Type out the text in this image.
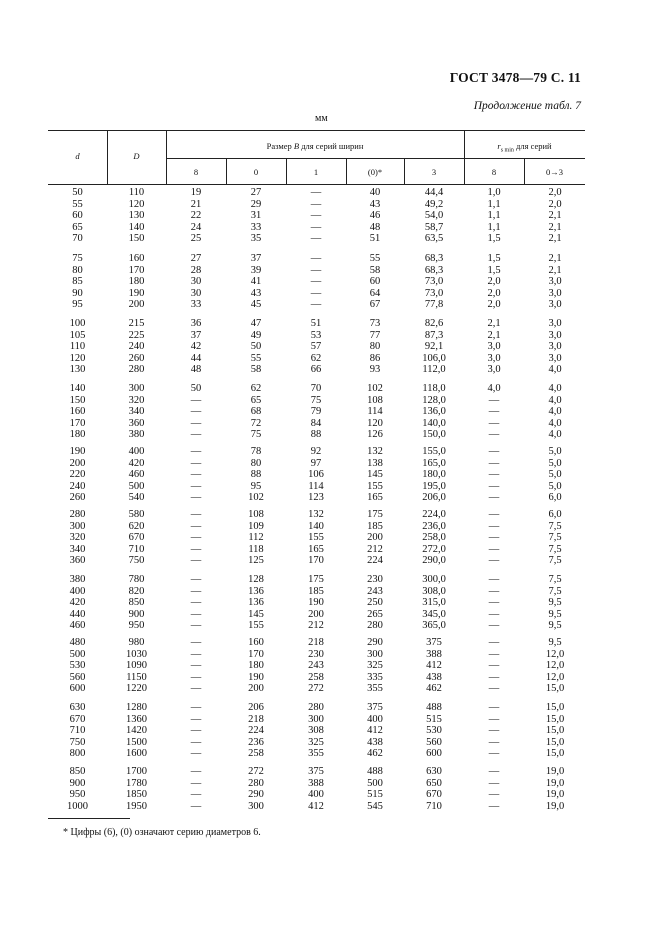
ГОСТ 3478—79 С. 11
Продолжение табл. 7
мм
d	D
Размер B для серий ширин	$r_{s min}$ для серий
8	0	1	(0)*	3	8	0→3
50	110	19	27	—	40	44,4	1,0	2,0
55	120	21	29	—	43	49,2	1,1	2,0
60	130	22	31	—	46	54,0	1,1	2,1
65	140	24	33	—	48	58,7	1,1	2,1
70	150	25	35	—	51	63,5	1,5	2,1
75	160	27	37	—	55	68,3	1,5	2,1
80	170	28	39	—	58	68,3	1,5	2,1
85	180	30	41	—	60	73,0	2,0	3,0
90	190	30	43	—	64	73,0	2,0	3,0
95	200	33	45	—	67	77,8	2,0	3,0
100	215	36	47	51	73	82,6	2,1	3,0
105	225	37	49	53	77	87,3	2,1	3,0
110	240	42	50	57	80	92,1	3,0	3,0
120	260	44	55	62	86	106,0	3,0	3,0
130	280	48	58	66	93	112,0	3,0	4,0
140	300	50	62	70	102	118,0	4,0	4,0
150	320	—	65	75	108	128,0	—	4,0
160	340	—	68	79	114	136,0	—	4,0
170	360	—	72	84	120	140,0	—	4,0
180	380	—	75	88	126	150,0	—	4,0
190	400	—	78	92	132	155,0	—	5,0
200	420	—	80	97	138	165,0	—	5,0
220	460	—	88	106	145	180,0	—	5,0
240	500	—	95	114	155	195,0	—	5,0
260	540	—	102	123	165	206,0	—	6,0
280	580	—	108	132	175	224,0	—	6,0
300	620	—	109	140	185	236,0	—	7,5
320	670	—	112	155	200	258,0	—	7,5
340	710	—	118	165	212	272,0	—	7,5
360	750	—	125	170	224	290,0	—	7,5
380	780	—	128	175	230	300,0	—	7,5
400	820	—	136	185	243	308,0	—	7,5
420	850	—	136	190	250	315,0	—	9,5
440	900	—	145	200	265	345,0	—	9,5
460	950	—	155	212	280	365,0	—	9,5
480	980	—	160	218	290	375	—	9,5
500	1030	—	170	230	300	388	—	12,0
530	1090	—	180	243	325	412	—	12,0
560	1150	—	190	258	335	438	—	12,0
600	1220	—	200	272	355	462	—	15,0
630	1280	—	206	280	375	488	—	15,0
670	1360	—	218	300	400	515	—	15,0
710	1420	—	224	308	412	530	—	15,0
750	1500	—	236	325	438	560	—	15,0
800	1600	—	258	355	462	600	—	15,0
850	1700	—	272	375	488	630	—	19,0
900	1780	—	280	388	500	650	—	19,0
950	1850	—	290	400	515	670	—	19,0
1000	1950	—	300	412	545	710	—	19,0
* Цифры (6), (0) означают серию диаметров 6.
